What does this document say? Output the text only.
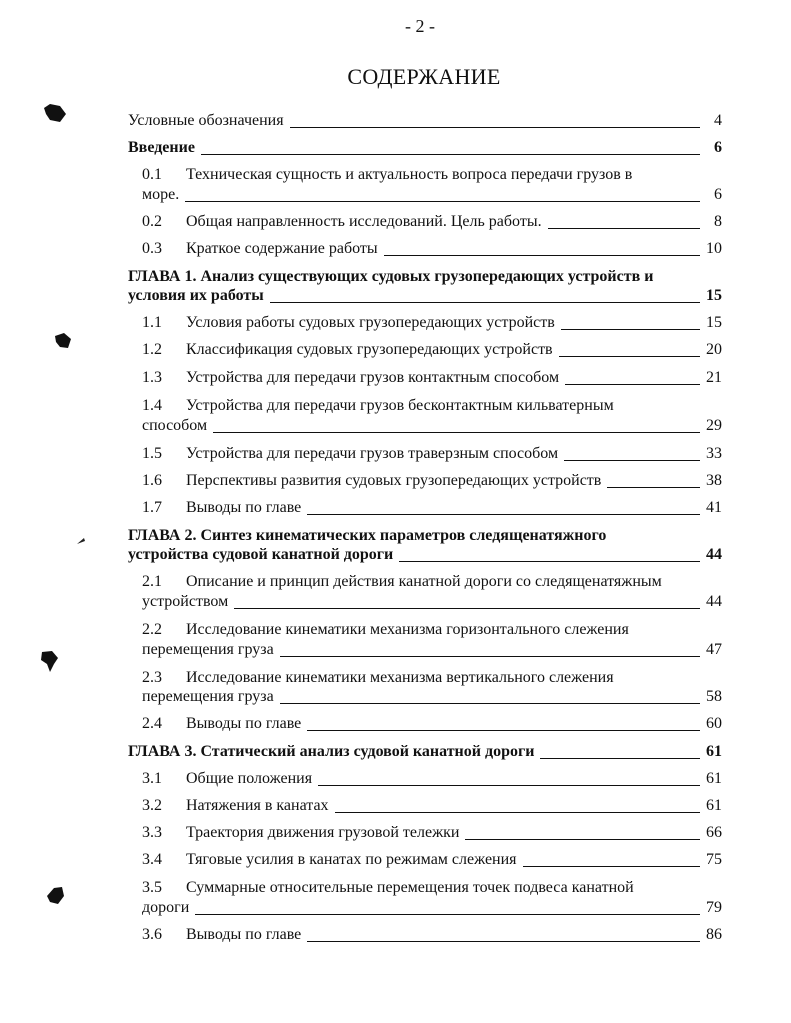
- 2 -
СОДЕРЖАНИЕ
Условные обозначения	4
Введение	6
0.1	Техническая сущность и актуальность вопроса передачи грузов в
море.	6
0.2	Общая направленность исследований. Цель работы.	8
0.3	Краткое содержание работы	10
ГЛАВА 1. Анализ существующих судовых грузопередающих устройств и
условия их работы	15
1.1	Условия работы судовых грузопередающих устройств	15
1.2	Классификация судовых грузопередающих устройств	20
1.3	Устройства для передачи грузов контактным способом	21
1.4	Устройства для передачи грузов бесконтактным кильватерным
способом	29
1.5	Устройства для передачи грузов траверзным способом	33
1.6	Перспективы развития судовых грузопередающих устройств	38
1.7	Выводы по главе	41
ГЛАВА 2. Синтез кинематических параметров следященатяжного
устройства судовой канатной дороги	44
2.1	Описание и принцип действия канатной дороги со следященатяжным
устройством	44
2.2	Исследование кинематики механизма горизонтального слежения
перемещения груза	47
2.3	Исследование кинематики механизма вертикального слежения
перемещения груза	58
2.4	Выводы по главе	60
ГЛАВА 3. Статический анализ судовой канатной дороги	61
3.1	Общие положения	61
3.2	Натяжения в канатах	61
3.3	Траектория движения грузовой тележки	66
3.4	Тяговые усилия в канатах по режимам слежения	75
3.5	Суммарные относительные перемещения точек подвеса канатной
дороги	79
3.6	Выводы по главе	86
